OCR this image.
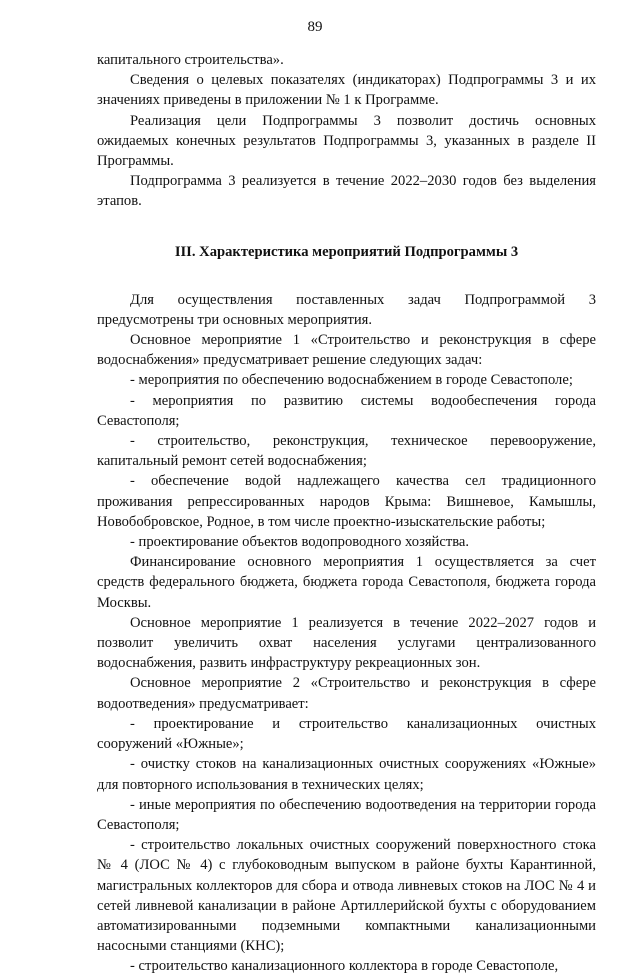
89

капитального строительства».

Сведения о целевых показателях (индикаторах) Подпрограммы 3 и их значениях приведены в приложении № 1 к Программе.

Реализация цели Подпрограммы 3 позволит достичь основных ожидаемых конечных результатов Подпрограммы 3, указанных в разделе II Программы.

Подпрограмма 3 реализуется в течение 2022–2030 годов без выделения этапов.

III. Характеристика мероприятий Подпрограммы 3

Для осуществления поставленных задач Подпрограммой 3 предусмотрены три основных мероприятия.

Основное мероприятие 1 «Строительство и реконструкция в сфере водоснабжения» предусматривает решение следующих задач:

- мероприятия по обеспечению водоснабжением в городе Севастополе;

- мероприятия по развитию системы водообеспечения города Севастополя;

- строительство, реконструкция, техническое перевооружение, капитальный ремонт сетей водоснабжения;

- обеспечение водой надлежащего качества сел традиционного проживания репрессированных народов Крыма: Вишневое, Камышлы, Новобобровское, Родное, в том числе проектно-изыскательские работы;

- проектирование объектов водопроводного хозяйства.

Финансирование основного мероприятия 1 осуществляется за счет средств федерального бюджета, бюджета города Севастополя, бюджета города Москвы.

Основное мероприятие 1 реализуется в течение 2022–2027 годов и позволит увеличить охват населения услугами централизованного водоснабжения, развить инфраструктуру рекреационных зон.

Основное мероприятие 2 «Строительство и реконструкция в сфере водоотведения» предусматривает:

- проектирование и строительство канализационных очистных сооружений «Южные»;

- очистку стоков на канализационных очистных сооружениях «Южные» для повторного использования в технических целях;

- иные мероприятия по обеспечению водоотведения на территории города Севастополя;

- строительство локальных очистных сооружений поверхностного стока № 4 (ЛОС № 4) с глубоководным выпуском в районе бухты Карантинной, магистральных коллекторов для сбора и отвода ливневых стоков на ЛОС № 4 и сетей ливневой канализации в районе Артиллерийской бухты с оборудованием автоматизированными подземными компактными канализационными насосными станциями (КНС);

- строительство канализационного коллектора в городе Севастополе,
